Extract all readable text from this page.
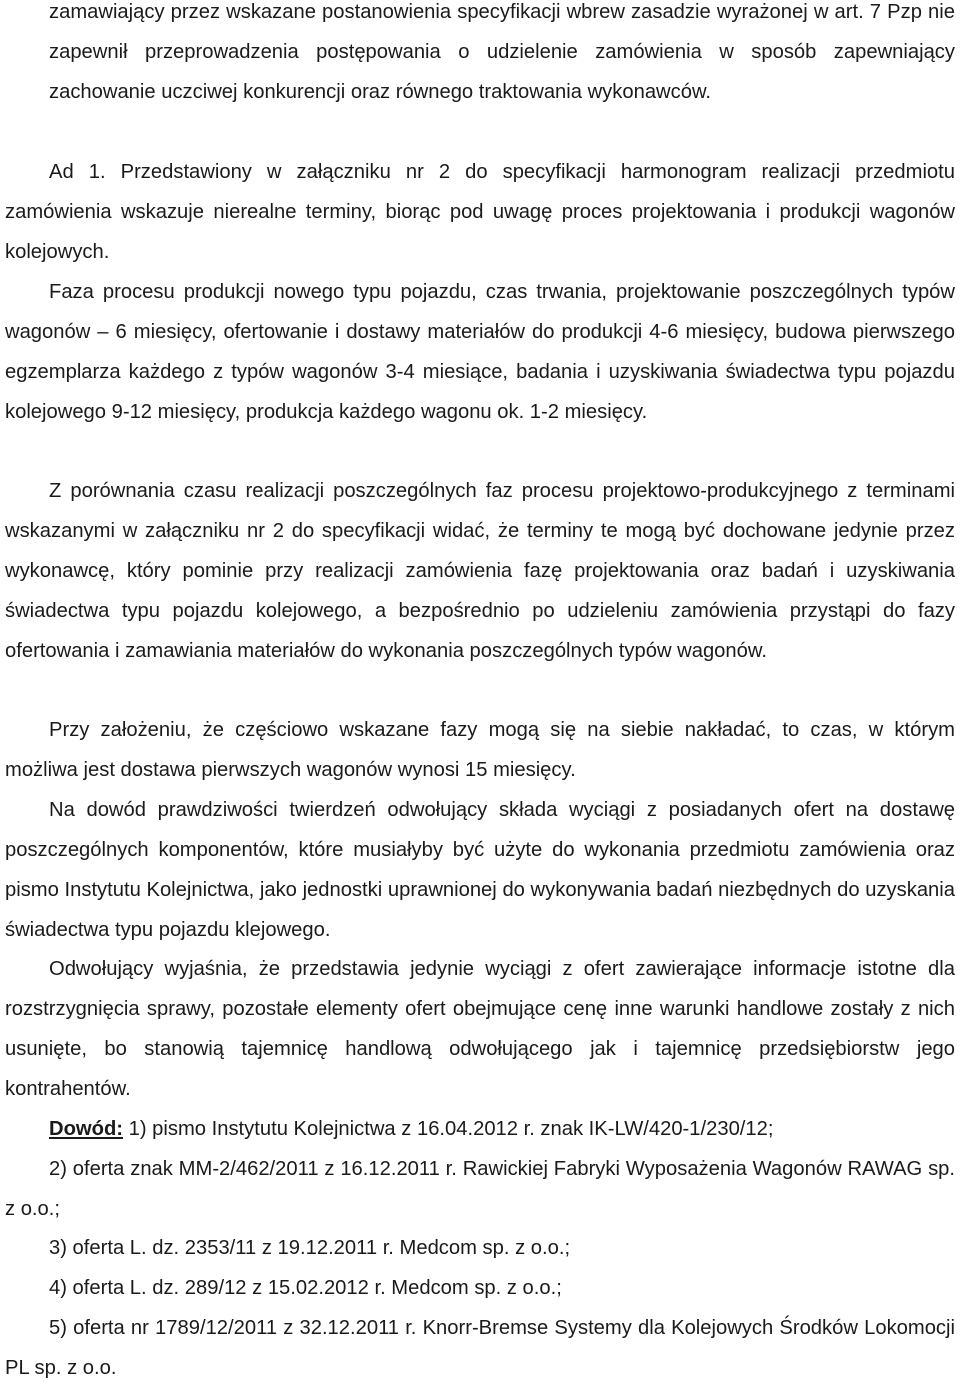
zamawiający przez wskazane postanowienia specyfikacji wbrew zasadzie wyrażonej w art. 7 Pzp nie zapewnił przeprowadzenia postępowania o udzielenie zamówienia w sposób zapewniający zachowanie uczciwej konkurencji oraz równego traktowania wykonawców.

Ad 1. Przedstawiony w załączniku nr 2 do specyfikacji harmonogram realizacji przedmiotu zamówienia wskazuje nierealne terminy, biorąc pod uwagę proces projektowania i produkcji wagonów kolejowych.

Faza procesu produkcji nowego typu pojazdu, czas trwania, projektowanie poszczególnych typów wagonów – 6 miesięcy, ofertowanie i dostawy materiałów do produkcji 4-6 miesięcy, budowa pierwszego egzemplarza każdego z typów wagonów 3-4 miesiące, badania i uzyskiwania świadectwa typu pojazdu kolejowego 9-12 miesięcy, produkcja każdego wagonu ok. 1-2 miesięcy.

Z porównania czasu realizacji poszczególnych faz procesu projektowo-produkcyjnego z terminami wskazanymi w załączniku nr 2 do specyfikacji widać, że terminy te mogą być dochowane jedynie przez wykonawcę, który pominie przy realizacji zamówienia fazę projektowania oraz badań i uzyskiwania świadectwa typu pojazdu kolejowego, a bezpośrednio po udzieleniu zamówienia przystąpi do fazy ofertowania i zamawiania materiałów do wykonania poszczególnych typów wagonów.

Przy założeniu, że częściowo wskazane fazy mogą się na siebie nakładać, to czas, w którym możliwa jest dostawa pierwszych wagonów wynosi 15 miesięcy.

Na dowód prawdziwości twierdzeń odwołujący składa wyciągi z posiadanych ofert na dostawę poszczególnych komponentów, które musiałyby być użyte do wykonania przedmiotu zamówienia oraz pismo Instytutu Kolejnictwa, jako jednostki uprawnionej do wykonywania badań niezbędnych do uzyskania świadectwa typu pojazdu klejowego.

Odwołujący wyjaśnia, że przedstawia jedynie wyciągi z ofert zawierające informacje istotne dla rozstrzygnięcia sprawy, pozostałe elementy ofert obejmujące cenę inne warunki handlowe zostały z nich usunięte, bo stanowią tajemnicę handlową odwołującego jak i tajemnicę przedsiębiorstw jego kontrahentów.

Dowód: 1) pismo Instytutu Kolejnictwa z 16.04.2012 r. znak IK-LW/420-1/230/12;

2) oferta znak MM-2/462/2011 z 16.12.2011 r. Rawickiej Fabryki Wyposażenia Wagonów RAWAG sp. z o.o.;

3) oferta L. dz. 2353/11 z 19.12.2011 r. Medcom sp. z o.o.;

4) oferta L. dz. 289/12 z 15.02.2012 r. Medcom sp. z o.o.;

5) oferta nr 1789/12/2011 z 32.12.2011 r. Knorr-Bremse Systemy dla Kolejowych Środków Lokomocji PL sp. z o.o.
